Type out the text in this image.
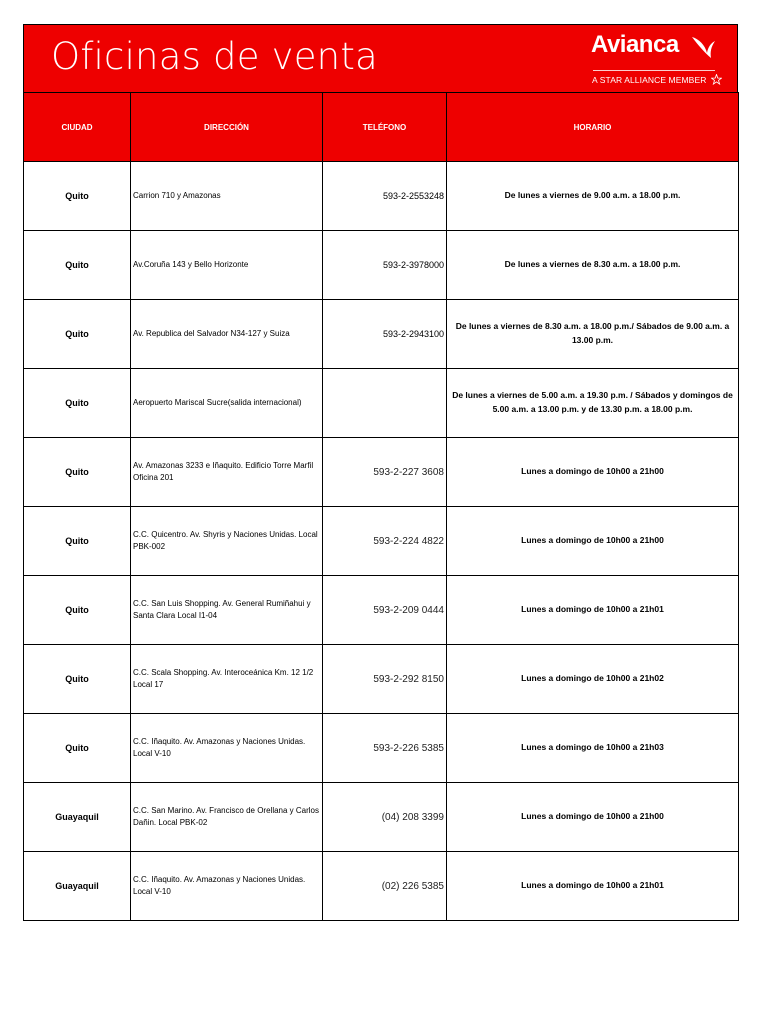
Oficinas de venta	Avianca
A STAR ALLIANCE MEMBER
CIUDAD	DIRECCIÓN	TELÉFONO	HORARIO
Quito	Carrion 710 y Amazonas	593-2-2553248	De lunes a viernes de 9.00 a.m. a 18.00 p.m.
Quito	Av.Coruña 143 y Bello Horizonte	593-2-3978000	De lunes a viernes de 8.30 a.m. a 18.00 p.m.
Quito	Av. Republica del Salvador N34-127 y Suiza	593-2-2943100	De lunes a viernes de 8.30 a.m. a 18.00 p.m./ Sábados de 9.00 a.m. a 13.00 p.m.
Quito	Aeropuerto Mariscal Sucre(salida internacional)		De lunes a viernes de 5.00 a.m. a 19.30 p.m. / Sábados y domingos de 5.00 a.m. a 13.00 p.m. y de 13.30 p.m. a 18.00 p.m.
Quito	Av. Amazonas 3233 e Iñaquito. Edificio Torre Marfil Oficina 201	593-2-227 3608	Lunes a domingo de 10h00 a 21h00
Quito	C.C. Quicentro. Av. Shyris y Naciones Unidas. Local PBK-002	593-2-224 4822	Lunes a domingo de 10h00 a 21h00
Quito	C.C. San Luis Shopping. Av. General Rumiñahui y Santa Clara Local I1-04	593-2-209 0444	Lunes a domingo de 10h00 a 21h01
Quito	C.C. Scala Shopping. Av. Interoceánica Km. 12 1/2 Local 17	593-2-292 8150	Lunes a domingo de 10h00 a 21h02
Quito	C.C. Iñaquito. Av. Amazonas y Naciones Unidas. Local V-10	593-2-226 5385	Lunes a domingo de 10h00 a 21h03
Guayaquil	C.C. San Marino. Av. Francisco de Orellana y Carlos Dañin. Local PBK-02	(04) 208 3399	Lunes a domingo de 10h00 a 21h00
Guayaquil	C.C. Iñaquito. Av. Amazonas y Naciones Unidas. Local V-10	(02) 226 5385	Lunes a domingo de 10h00 a 21h01
